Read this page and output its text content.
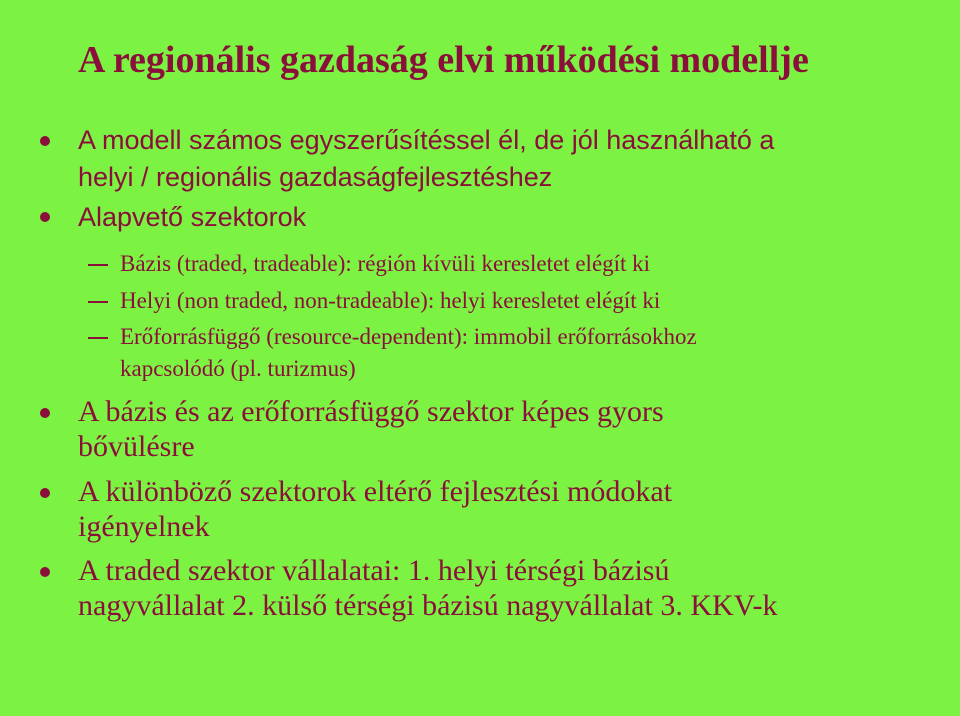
A regionális gazdaság elvi működési modellje
A modell számos egyszerűsítéssel él, de jól használható a
helyi / regionális gazdaságfejlesztéshez
Alapvető szektorok
Bázis (traded, tradeable): régión kívüli keresletet elégít ki
Helyi (non traded, non-tradeable): helyi keresletet elégít ki
Erőforrásfüggő (resource-dependent): immobil erőforrásokhoz
kapcsolódó (pl. turizmus)
A bázis és az erőforrásfüggő szektor képes gyors
bővülésre
A különböző szektorok eltérő fejlesztési módokat
igényelnek
A traded szektor vállalatai: 1. helyi térségi bázisú
nagyvállalat 2. külső térségi bázisú nagyvállalat 3. KKV-k
